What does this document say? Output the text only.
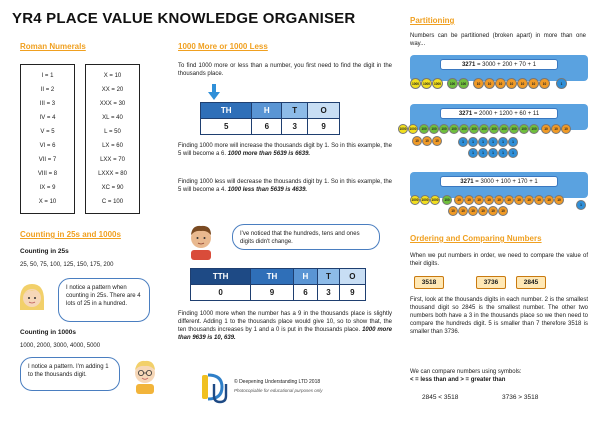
YR4 PLACE VALUE KNOWLEDGE ORGANISER
Roman Numerals
I = 1
II = 2
III = 3
IV = 4
V = 5
VI = 6
VII = 7
VIII = 8
IX = 9
X = 10
X = 10
XX = 20
XXX = 30
XL = 40
L = 50
LX = 60
LXX = 70
LXXX = 80
XC = 90
C = 100
Counting in 25s and 1000s
Counting in 25s
25, 50, 75, 100, 125, 150, 175, 200
I notice a pattern when counting in 25s. There are 4 lots of 25 in a hundred.
Counting in 1000s
1000, 2000, 3000, 4000, 5000
I notice a pattern. I'm adding 1 to the thousands digit.
1000 More or 1000 Less
To find 1000 more or less than a number, you first need to find the digit in the thousands place.
TH	H	T	O
5	6	3	9
Finding 1000 more will increase the thousands digit by 1. So in this example, the 5 will become a 6. 1000 more than 5639 is 6639.
Finding 1000 less will decrease the thousands digit by 1. So in this example, the 5 will become a 4. 1000 less than 5639 is 4639.
I've noticed that the hundreds, tens and ones digits didn't change.
TTH	TH	H	T	O
0	9	6	3	9
Finding 1000 more when the number has a 9 in the thousands place is slightly different. Adding 1 to the thousands place would give 10, so to show that, the ten thousands increases by 1 and a 0 is put in the thousands place. 1000 more than 9639 is 10, 639.
© Deepening Understanding LTD 2018
Photocopiable for educational purposes only
Partitioning
Numbers can be partitioned (broken apart) in more than one way...
3271 = 3000 + 200 + 70 + 1
1000	1000	1000	100	100	10	10	10	10	10	10	10	1
3271 = 2000 + 1200 + 60 + 11
1000 1000	100	100	100	100	100	100	100	100	100	100	100	100	10	10	10
10	10	10	1	1	1	1	1	1
1	1	1	1	1
3271 = 3000 + 100 + 170 + 1
1000 1000 1000	100	10	10	10	10	10	10	10	10	10	10	10
1
10	10	10	10	10	10
Ordering and Comparing Numbers
When we put numbers in order, we need to compare the value of their digits.
3518	3736	2845
First, look at the thousands digits in each number. 2 is the smallest thousand digit so 2845 is the smallest number. The other two numbers both have a 3 in the thousands place so we then need to compare the hundreds digit. 5 is smaller than 7 therefore 3518 is smaller than 3736.
We can compare numbers using symbols:
< = less than and > = greater than
2845 < 3518	3736 > 3518
